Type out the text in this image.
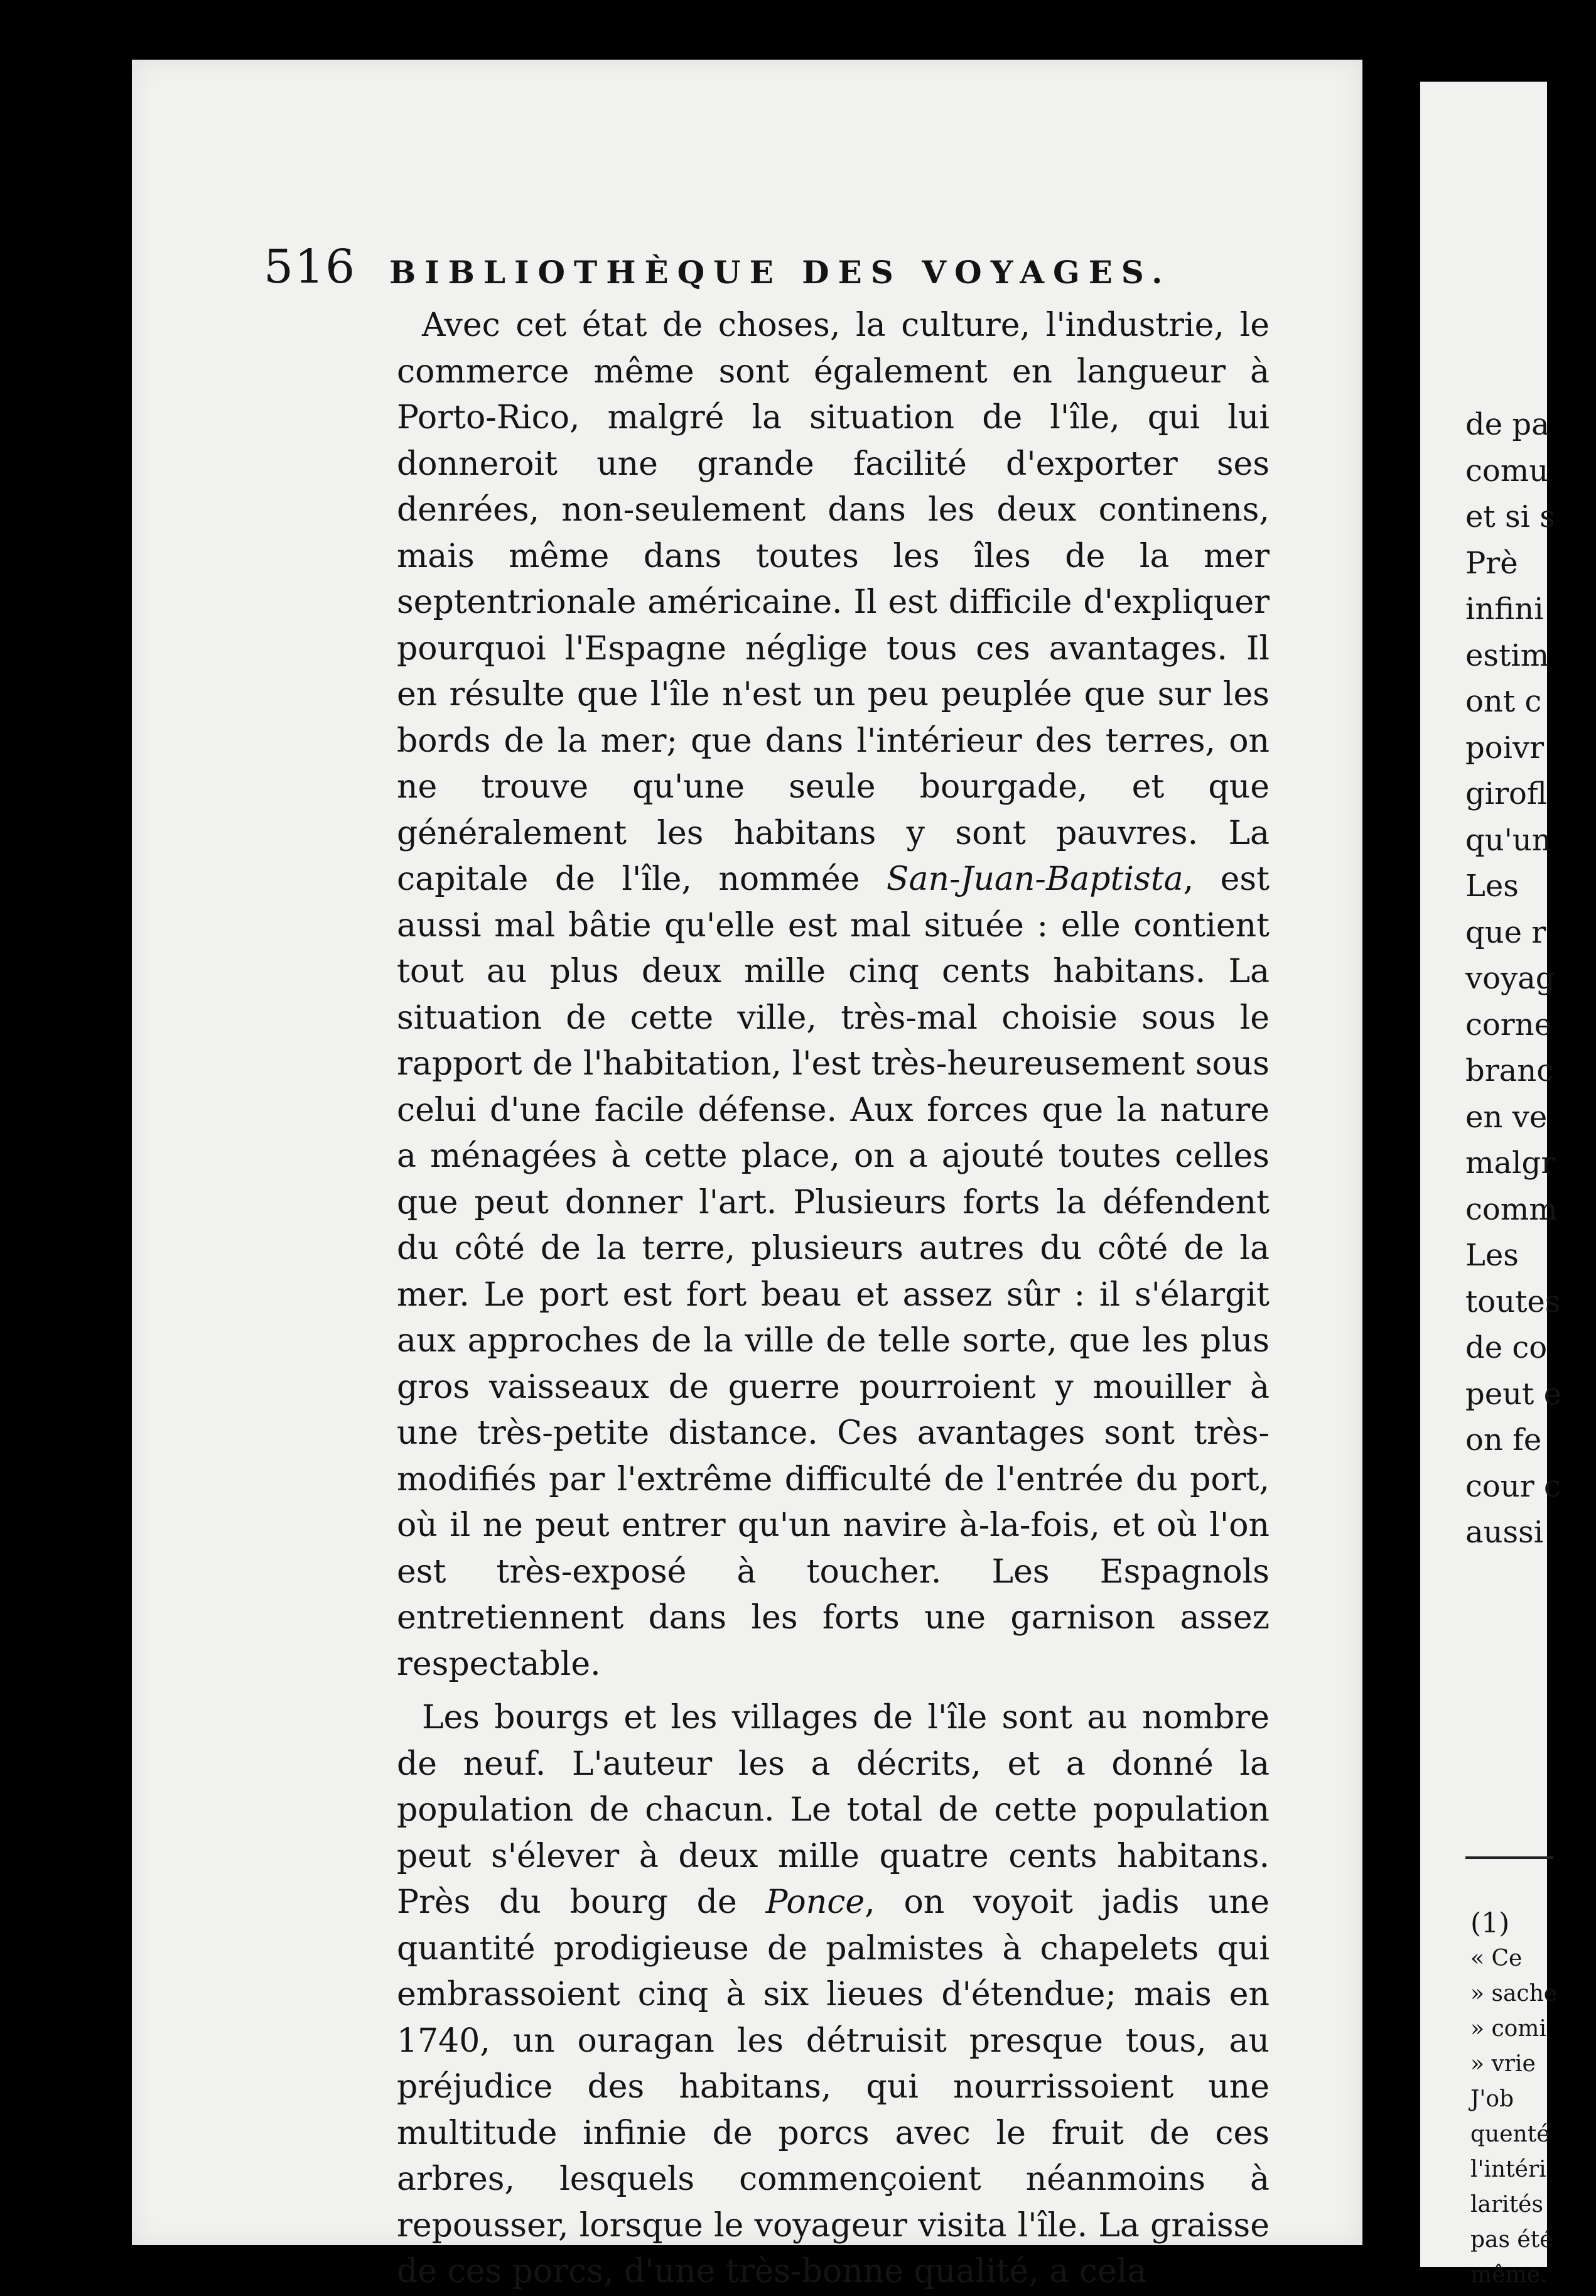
516 BIBLIOTHÈQUE DES VOYAGES.

Avec cet état de choses, la culture, l'industrie, le commerce même sont également en langueur à Porto-Rico, malgré la situation de l'île, qui lui donneroit une grande facilité d'exporter ses denrées, non-seulement dans les deux continens, mais même dans toutes les îles de la mer septentrionale américaine. Il est difficile d'expliquer pourquoi l'Espagne néglige tous ces avantages. Il en résulte que l'île n'est un peu peuplée que sur les bords de la mer; que dans l'intérieur des terres, on ne trouve qu'une seule bourgade, et que généralement les habitans y sont pauvres. La capitale de l'île, nommée San-Juan-Baptista, est aussi mal bâtie qu'elle est mal située : elle contient tout au plus deux mille cinq cents habitans. La situation de cette ville, très-mal choisie sous le rapport de l'habitation, l'est très-heureusement sous celui d'une facile défense. Aux forces que la nature a ménagées à cette place, on a ajouté toutes celles que peut donner l'art. Plusieurs forts la défendent du côté de la terre, plusieurs autres du côté de la mer. Le port est fort beau et assez sûr : il s'élargit aux approches de la ville de telle sorte, que les plus gros vaisseaux de guerre pourroient y mouiller à une très-petite distance. Ces avantages sont très-modifiés par l'extrême difficulté de l'entrée du port, où il ne peut entrer qu'un navire à-la-fois, et où l'on est très-exposé à toucher. Les Espagnols entretiennent dans les forts une garnison assez respectable.

Les bourgs et les villages de l'île sont au nombre de neuf. L'auteur les a décrits, et a donné la population de chacun. Le total de cette population peut s'élever à deux mille quatre cents habitans. Près du bourg de Ponce, on voyoit jadis une quantité prodigieuse de palmistes à chapelets qui embrassoient cinq à six lieues d'étendue; mais en 1740, un ouragan les détruisit presque tous, au préjudice des habitans, qui nourrissoient une multitude infinie de porcs avec le fruit de ces arbres, lesquels commençoient néanmoins à repousser, lorsque le voyageur visita l'île. La graisse de ces porcs, d'une très-bonne qualité, a cela

de pa
comu
et si s
Prè
infini
estim
ont c
poivr
girofl
qu'un
Les
que r
voyag
corne
branc
en ve
malgr
comm
Les
toutes
de co
peut e
on fe
cour c
aussi
(1)
« Ce
» sache
» comi
» vrie
J'ob
quenté
l'intéri
larités
pas été
même.
